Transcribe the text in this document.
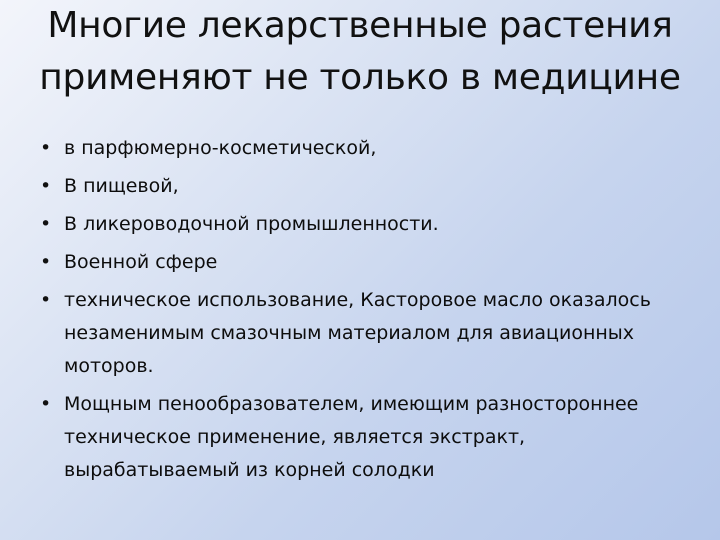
• в парфюмерно-косметической,
• В пищевой,
• В ликероводочной промышленности.
• Военной сфере
• техническое использование, Касторовое масло оказалось незаменимым смазочным материалом для авиационных моторов.
• Мощным пенообразователем, имеющим разностороннее техническое применение, является экстракт, вырабатываемый из корней солодки
Многие лекарственные растения применяют не только в медицине
